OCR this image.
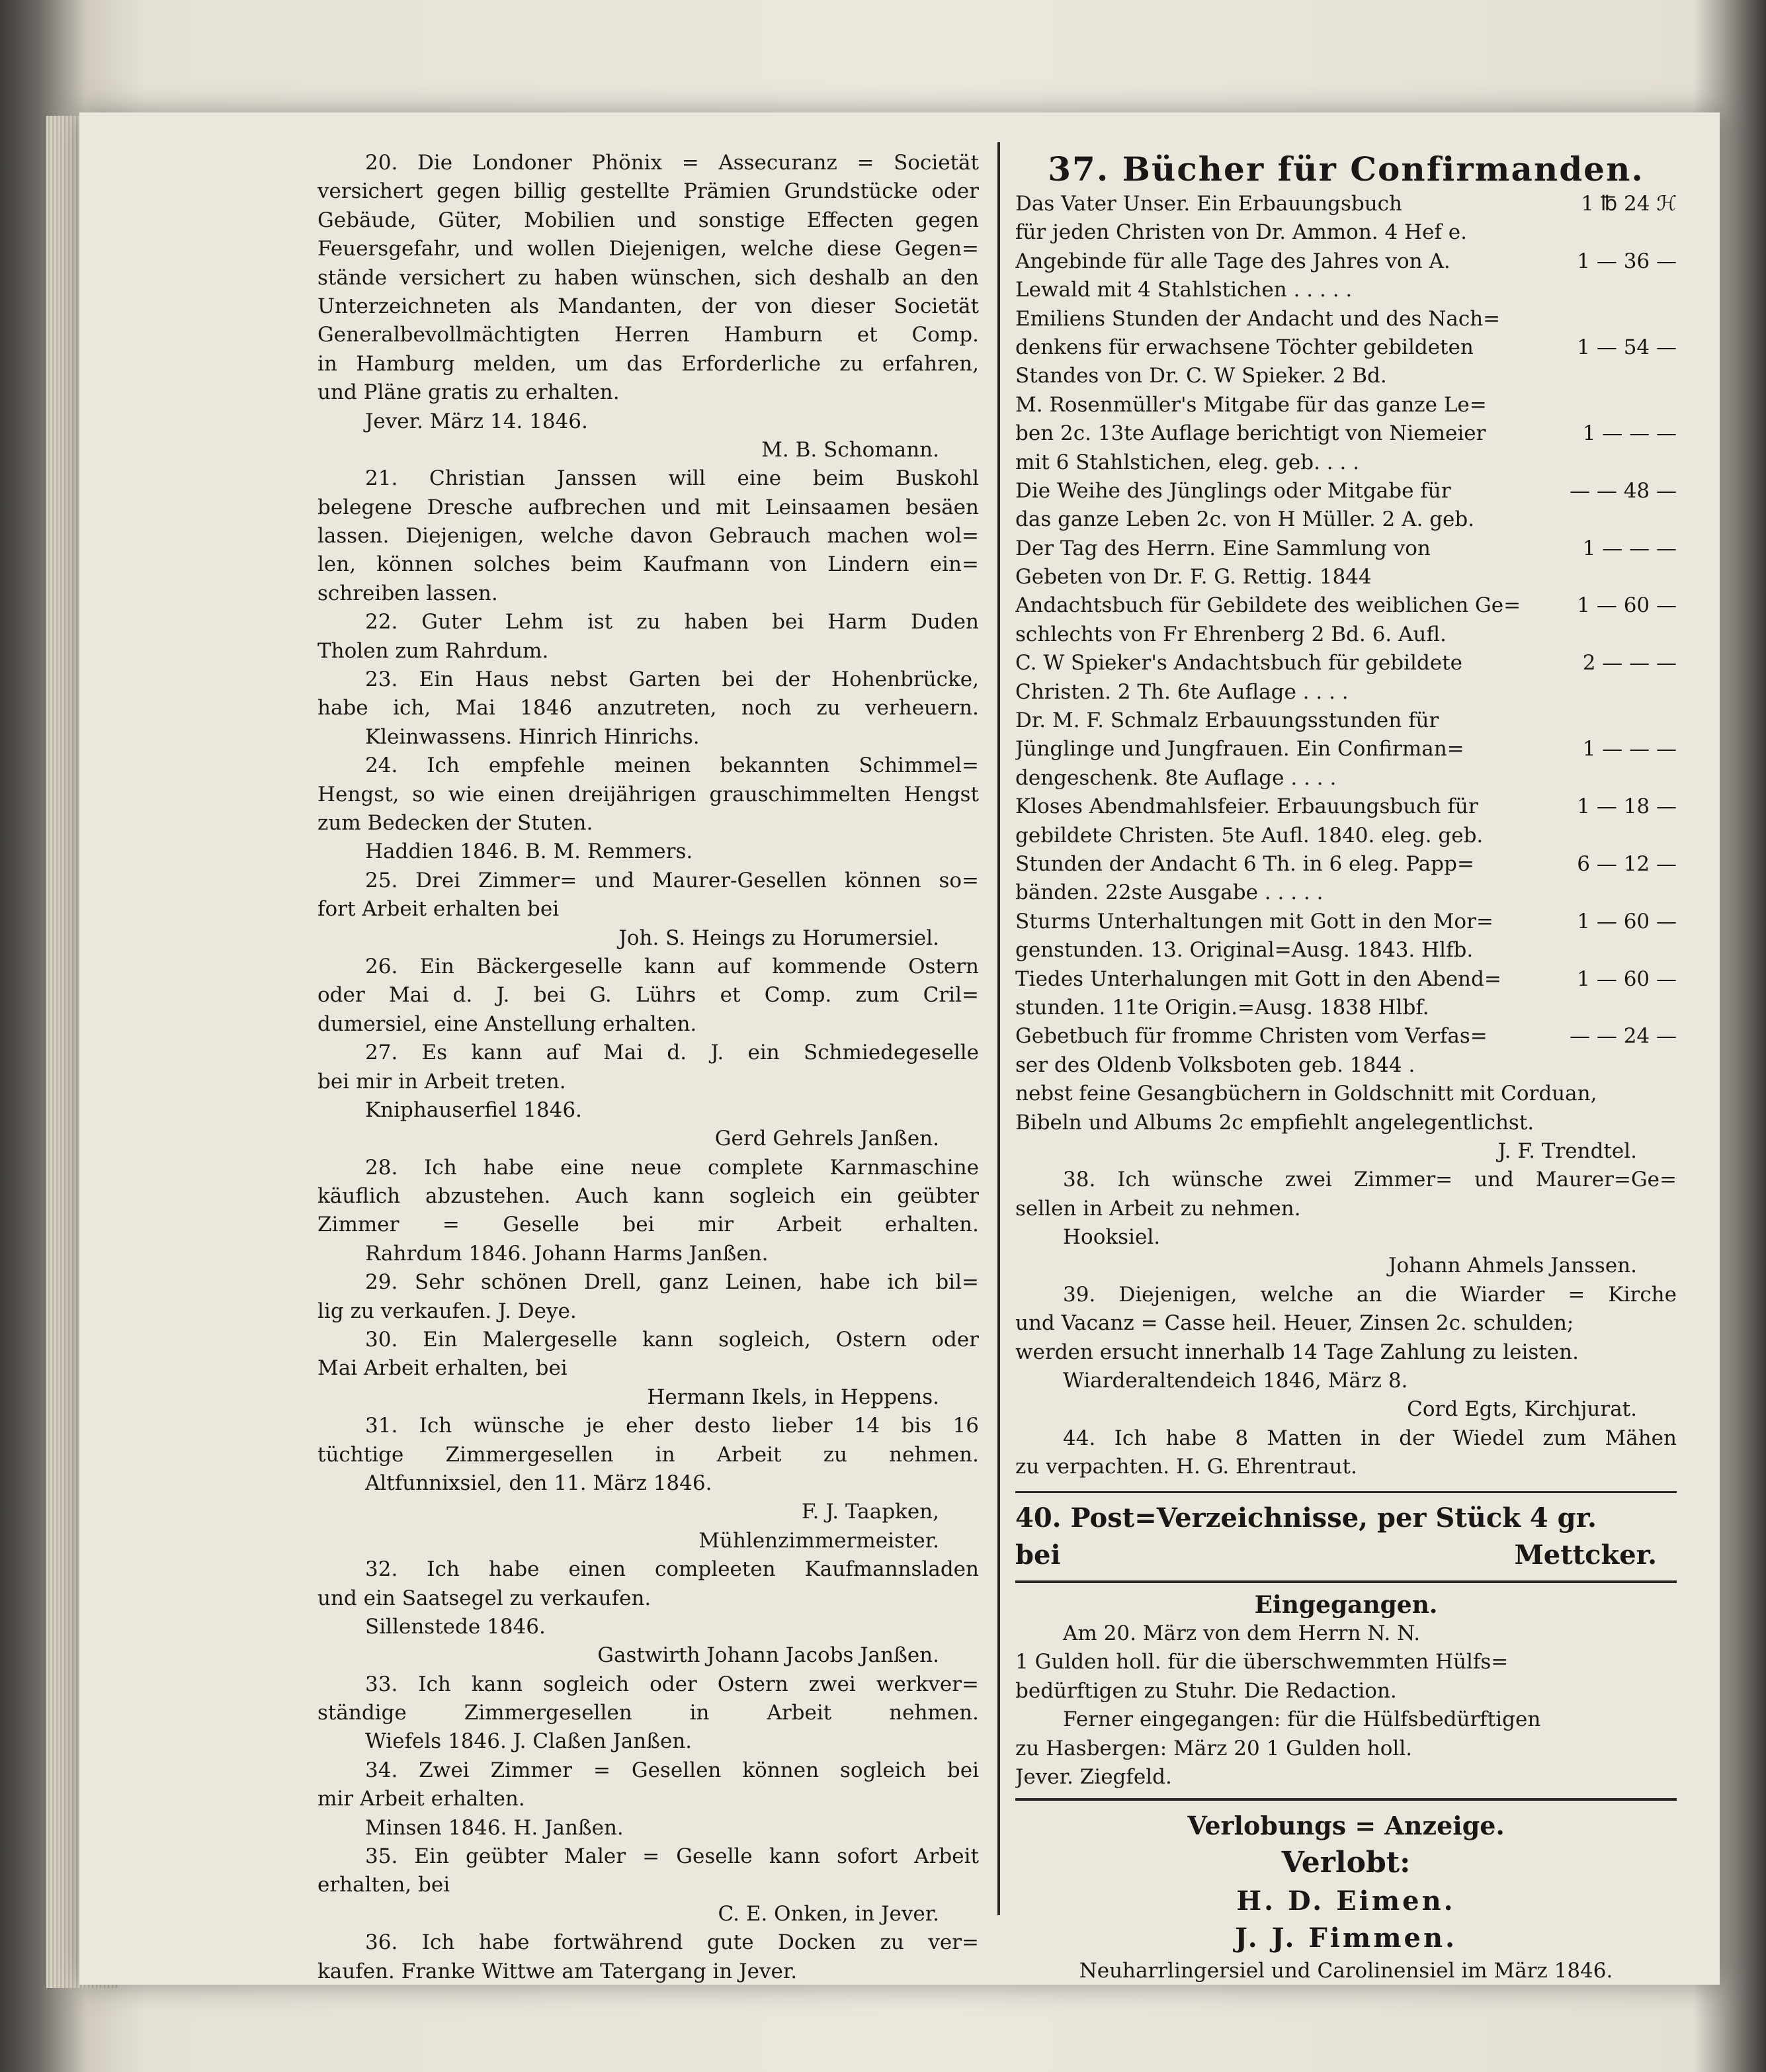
20. Die Londoner Phönix = Assecuranz = Societät
versichert gegen billig gestellte Prämien Grundstücke oder
Gebäude, Güter, Mobilien und sonstige Effecten gegen
Feuersgefahr, und wollen Diejenigen, welche diese Gegen=
stände versichert zu haben wünschen, sich deshalb an den
Unterzeichneten als Mandanten, der von dieser Societät
Generalbevollmächtigten Herren Hamburn et Comp.
in Hamburg melden, um das Erforderliche zu erfahren,
und Pläne gratis zu erhalten.
Jever. März 14. 1846.
M. B. Schomann.
21. Christian Janssen will eine beim Buskohl
belegene Dresche aufbrechen und mit Leinsaamen besäen
lassen. Diejenigen, welche davon Gebrauch machen wol=
len, können solches beim Kaufmann von Lindern ein=
schreiben lassen.
22. Guter Lehm ist zu haben bei Harm Duden
Tholen zum Rahrdum.
23. Ein Haus nebst Garten bei der Hohenbrücke,
habe ich, Mai 1846 anzutreten, noch zu verheuern.
Kleinwassens. Hinrich Hinrichs.
24. Ich empfehle meinen bekannten Schimmel=
Hengst, so wie einen dreijährigen grauschimmelten Hengst
zum Bedecken der Stuten.
Haddien 1846. B. M. Remmers.
25. Drei Zimmer= und Maurer-Gesellen können so=
fort Arbeit erhalten bei
Joh. S. Heings zu Horumersiel.
26. Ein Bäckergeselle kann auf kommende Ostern
oder Mai d. J. bei G. Lührs et Comp. zum Cril=
dumersiel, eine Anstellung erhalten.
27. Es kann auf Mai d. J. ein Schmiedegeselle
bei mir in Arbeit treten.
Kniphauserfiel 1846.
Gerd Gehrels Janßen.
28. Ich habe eine neue complete Karnmaschine
käuflich abzustehen. Auch kann sogleich ein geübter
Zimmer = Geselle bei mir Arbeit erhalten.
Rahrdum 1846. Johann Harms Janßen.
29. Sehr schönen Drell, ganz Leinen, habe ich bil=
lig zu verkaufen. J. Deye.
30. Ein Malergeselle kann sogleich, Ostern oder
Mai Arbeit erhalten, bei
Hermann Ikels, in Heppens.
31. Ich wünsche je eher desto lieber 14 bis 16
tüchtige Zimmergesellen in Arbeit zu nehmen.
Altfunnixsiel, den 11. März 1846.
F. J. Taapken,
Mühlenzimmermeister.
32. Ich habe einen compleeten Kaufmannsladen
und ein Saatsegel zu verkaufen.
Sillenstede 1846.
Gastwirth Johann Jacobs Janßen.
33. Ich kann sogleich oder Ostern zwei werkver=
ständige Zimmergesellen in Arbeit nehmen.
Wiefels 1846. J. Claßen Janßen.
34. Zwei Zimmer = Gesellen können sogleich bei
mir Arbeit erhalten.
Minsen 1846. H. Janßen.
35. Ein geübter Maler = Geselle kann sofort Arbeit
erhalten, bei
C. E. Onken, in Jever.
36. Ich habe fortwährend gute Docken zu ver=
kaufen. Franke Wittwe am Tatergang in Jever.
37. Bücher für Confirmanden.
Das Vater Unser. Ein Erbauungsbuch	1 ℔ 24 ℋ
für jeden Christen von Dr. Ammon. 4 Hef e.
Angebinde für alle Tage des Jahres von A.	1 — 36 —
Lewald mit 4 Stahlstichen . . . . .
Emiliens Stunden der Andacht und des Nach=
denkens für erwachsene Töchter gebildeten	1 — 54 —
Standes von Dr. C. W Spieker. 2 Bd.
M. Rosenmüller's Mitgabe für das ganze Le=
ben 2c. 13te Auflage berichtigt von Niemeier	1 — — —
mit 6 Stahlstichen, eleg. geb. . . .
Die Weihe des Jünglings oder Mitgabe für	— — 48 —
das ganze Leben 2c. von H Müller. 2 A. geb.
Der Tag des Herrn. Eine Sammlung von	1 — — —
Gebeten von Dr. F. G. Rettig. 1844
Andachtsbuch für Gebildete des weiblichen Ge=	1 — 60 —
schlechts von Fr Ehrenberg 2 Bd. 6. Aufl.
C. W Spieker's Andachtsbuch für gebildete	2 — — —
Christen. 2 Th. 6te Auflage . . . .
Dr. M. F. Schmalz Erbauungsstunden für
Jünglinge und Jungfrauen. Ein Confirman=	1 — — —
dengeschenk. 8te Auflage . . . .
Kloses Abendmahlsfeier. Erbauungsbuch für	1 — 18 —
gebildete Christen. 5te Aufl. 1840. eleg. geb.
Stunden der Andacht 6 Th. in 6 eleg. Papp=	6 — 12 —
bänden. 22ste Ausgabe . . . . .
Sturms Unterhaltungen mit Gott in den Mor=	1 — 60 —
genstunden. 13. Original=Ausg. 1843. Hlfb.
Tiedes Unterhalungen mit Gott in den Abend=	1 — 60 —
stunden. 11te Origin.=Ausg. 1838 Hlbf.
Gebetbuch für fromme Christen vom Verfas=	— — 24 —
ser des Oldenb Volksboten geb. 1844 .
nebst feine Gesangbüchern in Goldschnitt mit Corduan,
Bibeln und Albums 2c empfiehlt angelegentlichst.
J. F. Trendtel.
38. Ich wünsche zwei Zimmer= und Maurer=Ge=
sellen in Arbeit zu nehmen.
Hooksiel.
Johann Ahmels Janssen.
39. Diejenigen, welche an die Wiarder = Kirche
und Vacanz = Casse heil. Heuer, Zinsen 2c. schulden;
werden ersucht innerhalb 14 Tage Zahlung zu leisten.
Wiarderaltendeich 1846, März 8.
Cord Egts, Kirchjurat.
44. Ich habe 8 Matten in der Wiedel zum Mähen
zu verpachten. H. G. Ehrentraut.
40. Post=Verzeichnisse, per Stück 4 gr.
bei	Mettcker.
Eingegangen.
Am 20. März von dem Herrn N. N.
1 Gulden holl. für die überschwemmten Hülfs=
bedürftigen zu Stuhr. Die Redaction.
Ferner eingegangen: für die Hülfsbedürftigen
zu Hasbergen: März 20 1 Gulden holl.
Jever. Ziegfeld.
Verlobungs = Anzeige.
Verlobt:
H. D. Eimen.
J. J. Fimmen.
Neuharrlingersiel und Carolinensiel im März 1846.
